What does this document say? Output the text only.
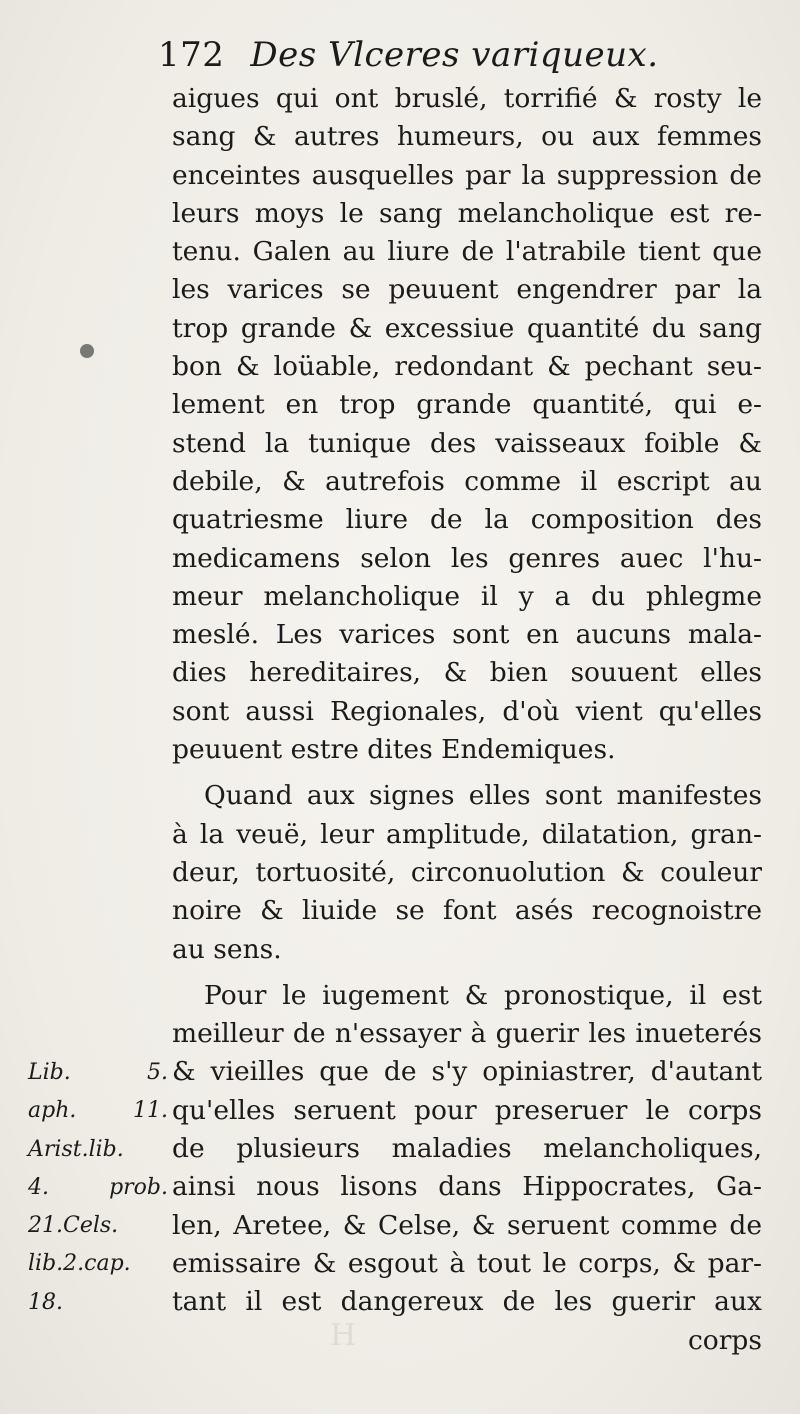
H
172 Des Vlceres variqueux.
aigues qui ont bruslé, torrifié & rosty le
sang & autres humeurs, ou aux femmes
enceintes ausquelles par la suppression de
leurs moys le sang melancholique est re-
tenu. Galen au liure de l'atrabile tient que
les varices se peuuent engendrer par la
trop grande & excessiue quantité du sang
bon & loüable, redondant & pechant seu-
lement en trop grande quantité, qui e-
stend la tunique des vaisseaux foible &
debile, & autrefois comme il escript au
quatriesme liure de la composition des
medicamens selon les genres auec l'hu-
meur melancholique il y a du phlegme
meslé. Les varices sont en aucuns mala-
dies hereditaires, & bien souuent elles
sont aussi Regionales, d'où vient qu'elles
peuuent estre dites Endemiques.
Quand aux signes elles sont manifestes
à la veuë, leur amplitude, dilatation, gran-
deur, tortuosité, circonuolution & couleur
noire & liuide se font asés recognoistre
au sens.
Pour le iugement & pronostique, il est
meilleur de n'essayer à guerir les inueterés
& vieilles que de s'y opiniastrer, d'autant
qu'elles seruent pour preseruer le corps
de plusieurs maladies melancholiques,
ainsi nous lisons dans Hippocrates, Ga-
len, Aretee, & Celse, & seruent comme de
emissaire & esgout à tout le corps, & par-
tant il est dangereux de les guerir aux
corps
Lib. 5.
aph. 11.
Arist.lib.
4. prob.
21.Cels.
lib.2.cap.
18.
